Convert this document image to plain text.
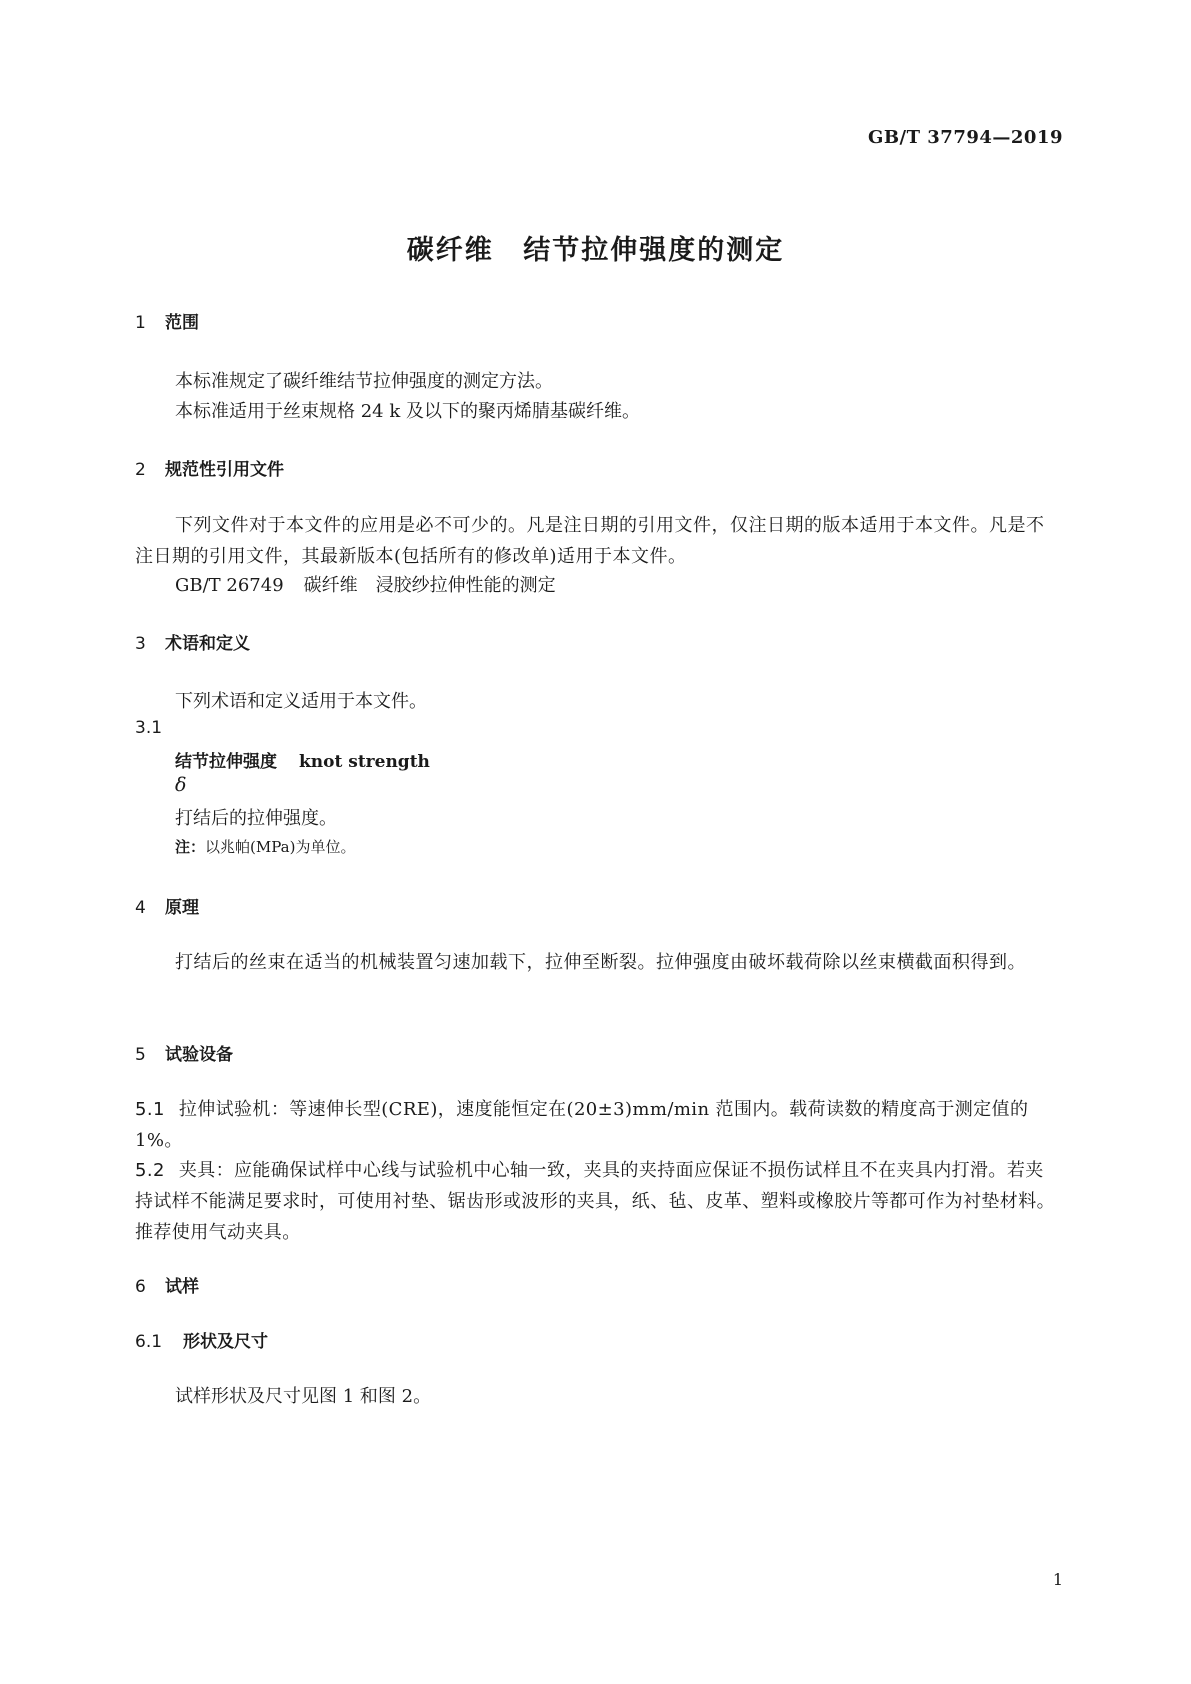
GB/T 37794—2019
碳纤维 结节拉伸强度的测定
1 范围
本标准规定了碳纤维结节拉伸强度的测定方法。
本标准适用于丝束规格 24 k 及以下的聚丙烯腈基碳纤维。
2 规范性引用文件
下列文件对于本文件的应用是必不可少的。凡是注日期的引用文件，仅注日期的版本适用于本文件。凡是不注日期的引用文件，其最新版本(包括所有的修改单)适用于本文件。
GB/T 26749 碳纤维 浸胶纱拉伸性能的测定
3 术语和定义
下列术语和定义适用于本文件。
3.1
结节拉伸强度 knot strength
δ
打结后的拉伸强度。
注：以兆帕(MPa)为单位。
4 原理
打结后的丝束在适当的机械装置匀速加载下，拉伸至断裂。拉伸强度由破坏载荷除以丝束横截面积得到。
5 试验设备
5.1 拉伸试验机：等速伸长型(CRE)，速度能恒定在(20±3)mm/min 范围内。载荷读数的精度高于测定值的 1%。
5.2 夹具：应能确保试样中心线与试验机中心轴一致，夹具的夹持面应保证不损伤试样且不在夹具内打滑。若夹持试样不能满足要求时，可使用衬垫、锯齿形或波形的夹具，纸、毡、皮革、塑料或橡胶片等都可作为衬垫材料。推荐使用气动夹具。
6 试样
6.1 形状及尺寸
试样形状及尺寸见图 1 和图 2。
1
